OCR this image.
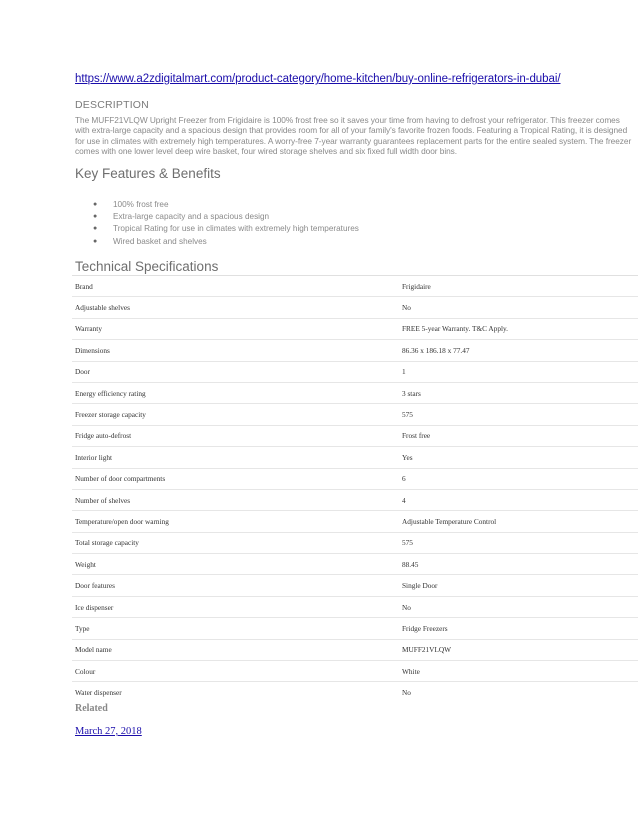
https://www.a2zdigitalmart.com/product-category/home-kitchen/buy-online-refrigerators-in-dubai/
DESCRIPTION
The MUFF21VLQW Upright Freezer from Frigidaire is 100% frost free so it saves your time from having to defrost your refrigerator. This freezer comes with extra-large capacity and a spacious design that provides room for all of your family's favorite frozen foods. Featuring a Tropical Rating, it is designed for use in climates with extremely high temperatures. A worry-free 7-year warranty guarantees replacement parts for the entire sealed system. The freezer comes with one lower level deep wire basket, four wired storage shelves and six fixed full width door bins.
Key Features & Benefits
● 100% frost free
● Extra-large capacity and a spacious design
● Tropical Rating for use in climates with extremely high temperatures
● Wired basket and shelves
Technical Specifications
Brand	Frigidaire
Adjustable shelves	No
Warranty	FREE 5-year Warranty. T&C Apply.
Dimensions	86.36 x 186.18 x 77.47
Door	1
Energy efficiency rating	3 stars
Freezer storage capacity	575
Fridge auto-defrost	Frost free
Interior light	Yes
Number of door compartments	6
Number of shelves	4
Temperature/open door warning	Adjustable Temperature Control
Total storage capacity	575
Weight	88.45
Door features	Single Door
Ice dispenser	No
Type	Fridge Freezers
Model name	MUFF21VLQW
Colour	White
Water dispenser	No
Related
March 27, 2018
